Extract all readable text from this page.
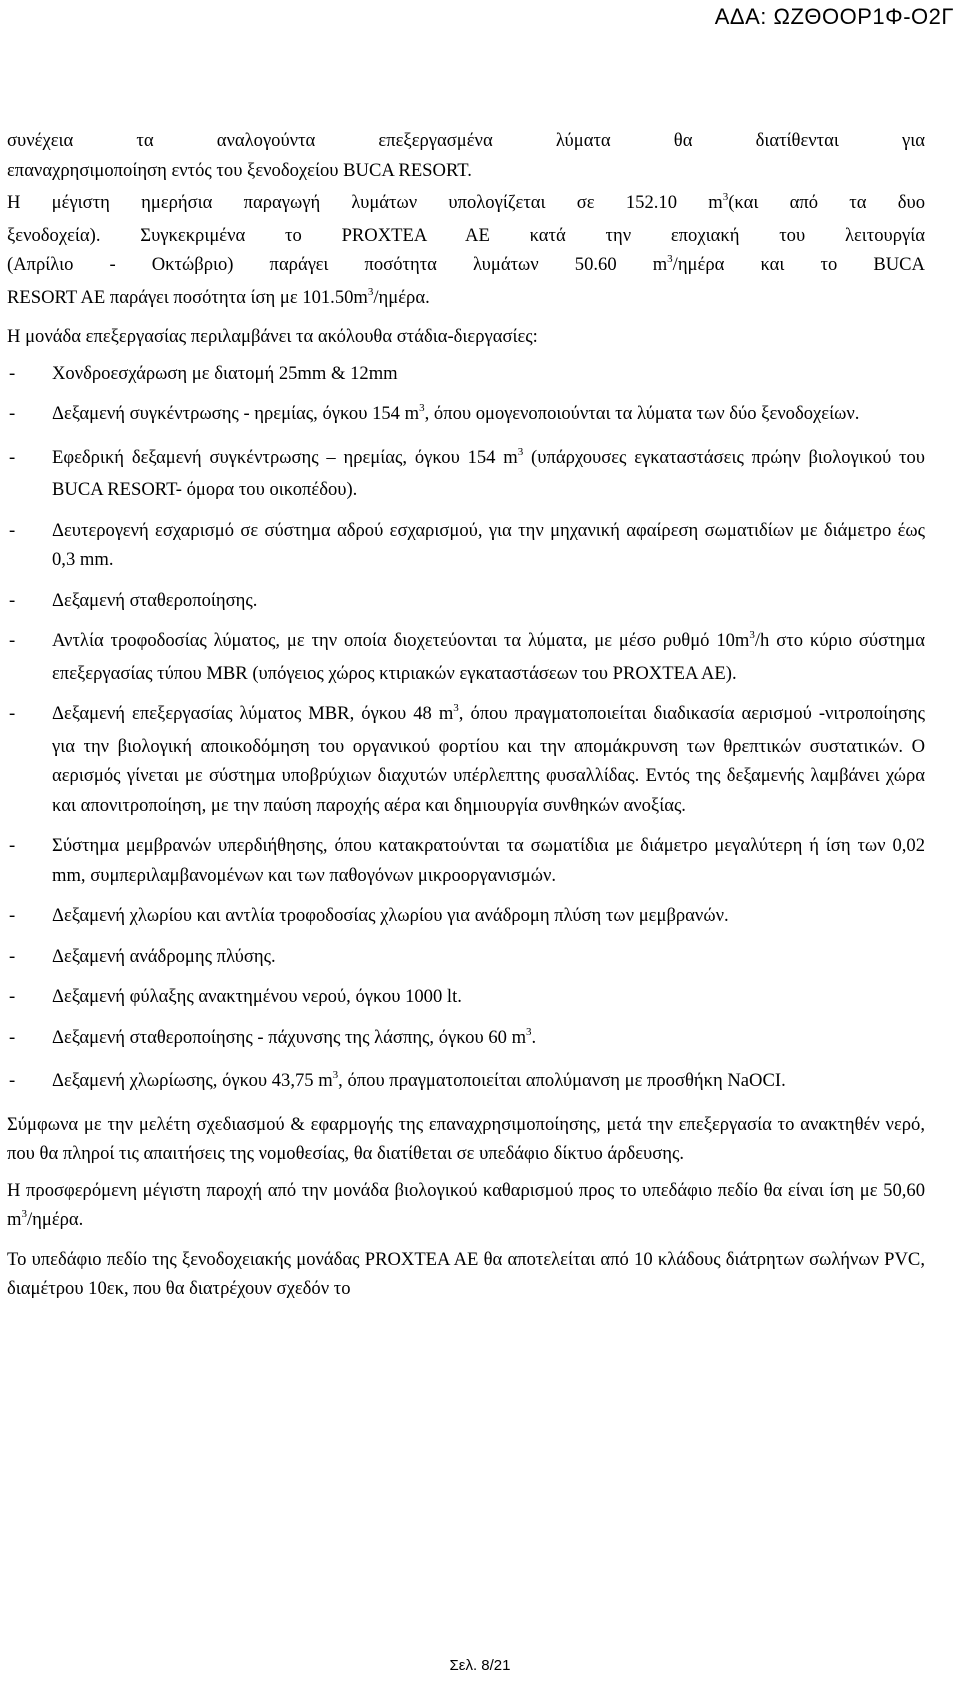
ΑΔΑ: ΩΖΘΟΟΡ1Φ-Ο2Γ
συνέχεια τα αναλογούντα επεξεργασμένα λύματα θα διατίθενται για
επαναχρησιμοποίηση εντός του ξενοδοχείου BUCA RESORT.
Η μέγιστη ημερήσια παραγωγή λυμάτων υπολογίζεται σε 152.10 $m^3(\kappa\alpha\iota$ από τα δυο
ξενοδοχεία). Συγκεκριμένα το PROXTEA AE κατά την εποχιακή του λειτουργία
(Απρίλιο - Οκτώβριο) παράγει ποσότητα λυμάτων 50.60 $m^3$/ημέρα και το BUCA
RESORT AE παράγει ποσότητα ίση με $101.50m^3$/ημέρα.
Η μονάδα επεξεργασίας περιλαμβάνει τα ακόλουθα στάδια-διεργασίες:
- Χονδροεσχάρωση με διατομή 25mm & 12mm
- Δεξαμενή συγκέντρωσης - ηρεμίας, όγκου 154 $m^3$, όπου ομογενοποιούνται τα λύματα των δύο ξενοδοχείων.
- Εφεδρική δεξαμενή συγκέντρωσης – ηρεμίας, όγκου 154 $m^3$ (υπάρχουσες εγκαταστάσεις πρώην βιολογικού του BUCA RESORT- όμορα του οικοπέδου).
- Δευτερογενή εσχαρισμό σε σύστημα αδρού εσχαρισμού, για την μηχανική αφαίρεση σωματιδίων με διάμετρο έως 0,3 mm.
- Δεξαμενή σταθεροποίησης.
- Αντλία τροφοδοσίας λύματος, με την οποία διοχετεύονται τα λύματα, με μέσο ρυθμό $10m^3/h$ στο κύριο σύστημα επεξεργασίας τύπου MBR (υπόγειος χώρος κτιριακών εγκαταστάσεων του PROXTEA AE).
- Δεξαμενή επεξεργασίας λύματος MBR, όγκου 48 $m^3$, όπου πραγματοποιείται διαδικασία αερισμού -νιτροποίησης για την βιολογική αποικοδόμηση του οργανικού φορτίου και την απομάκρυνση των θρεπτικών συστατικών. Ο αερισμός γίνεται με σύστημα υποβρύχιων διαχυτών υπέρλεπτης φυσαλλίδας. Εντός της δεξαμενής λαμβάνει χώρα και απονιτροποίηση, με την παύση παροχής αέρα και δημιουργία συνθηκών ανοξίας.
- Σύστημα μεμβρανών υπερδιήθησης, όπου κατακρατούνται τα σωματίδια με διάμετρο μεγαλύτερη ή ίση των 0,02 mm, συμπεριλαμβανομένων και των παθογόνων μικροοργανισμών.
- Δεξαμενή χλωρίου και αντλία τροφοδοσίας χλωρίου για ανάδρομη πλύση των μεμβρανών.
- Δεξαμενή ανάδρομης πλύσης.
- Δεξαμενή φύλαξης ανακτημένου νερού, όγκου 1000 lt.
- Δεξαμενή σταθεροποίησης - πάχυνσης της λάσπης, όγκου 60 $m^3$.
- Δεξαμενή χλωρίωσης, όγκου 43,75 $m^3$, όπου πραγματοποιείται απολύμανση με προσθήκη NaOCI.
Σύμφωνα με την μελέτη σχεδιασμού & εφαρμογής της επαναχρησιμοποίησης, μετά την επεξεργασία το ανακτηθέν νερό, που θα πληροί τις απαιτήσεις της νομοθεσίας, θα διατίθεται σε υπεδάφιο δίκτυο άρδευσης.
Η προσφερόμενη μέγιστη παροχή από την μονάδα βιολογικού καθαρισμού προς το υπεδάφιο πεδίο θα είναι ίση με 50,60 $m^3$/ημέρα.
Το υπεδάφιο πεδίο της ξενοδοχειακής μονάδας PROXTEA AE θα αποτελείται από 10 κλάδους διάτρητων σωλήνων PVC, διαμέτρου 10εκ, που θα διατρέχουν σχεδόν το
Σελ. 8/21
